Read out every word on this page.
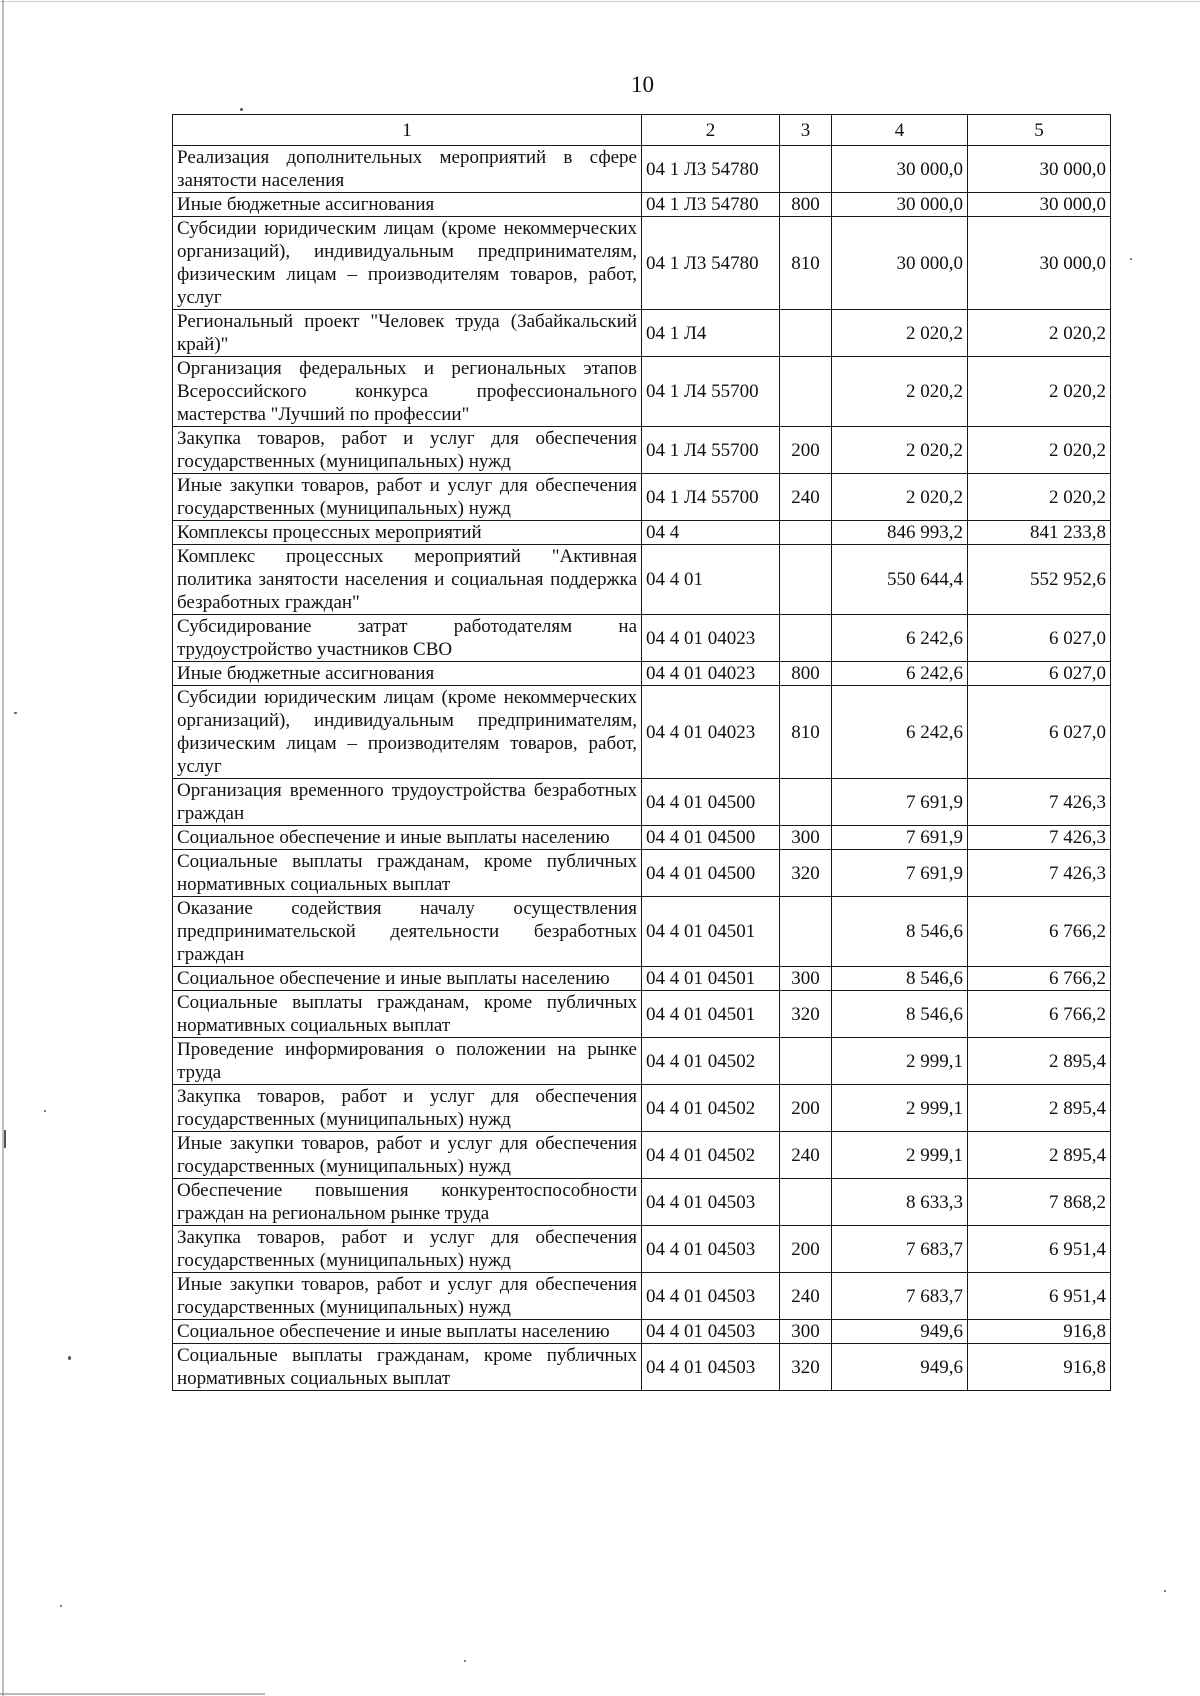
10
1	2	3	4	5
Реализация дополнительных мероприятий в сфере занятости населения	04 1 Л3 54780		30 000,0	30 000,0
Иные бюджетные ассигнования	04 1 Л3 54780	800	30 000,0	30 000,0
Субсидии юридическим лицам (кроме некоммерческих организаций), индивидуальным предпринимателям, физическим лицам – производителям товаров, работ, услуг	04 1 Л3 54780	810	30 000,0	30 000,0
Региональный проект "Человек труда (Забайкальский край)"	04 1 Л4		2 020,2	2 020,2
Организация федеральных и региональных этапов Всероссийского конкурса профессионального мастерства "Лучший по профессии"	04 1 Л4 55700		2 020,2	2 020,2
Закупка товаров, работ и услуг для обеспечения государственных (муниципальных) нужд	04 1 Л4 55700	200	2 020,2	2 020,2
Иные закупки товаров, работ и услуг для обеспечения государственных (муниципальных) нужд	04 1 Л4 55700	240	2 020,2	2 020,2
Комплексы процессных мероприятий	04 4		846 993,2	841 233,8
Комплекс процессных мероприятий "Активная политика занятости населения и социальная поддержка безработных граждан"	04 4 01		550 644,4	552 952,6
Субсидирование затрат работодателям на трудоустройство участников СВО	04 4 01 04023		6 242,6	6 027,0
Иные бюджетные ассигнования	04 4 01 04023	800	6 242,6	6 027,0
Субсидии юридическим лицам (кроме некоммерческих организаций), индивидуальным предпринимателям, физическим лицам – производителям товаров, работ, услуг	04 4 01 04023	810	6 242,6	6 027,0
Организация временного трудоустройства безработных граждан	04 4 01 04500		7 691,9	7 426,3
Социальное обеспечение и иные выплаты населению	04 4 01 04500	300	7 691,9	7 426,3
Социальные выплаты гражданам, кроме публичных нормативных социальных выплат	04 4 01 04500	320	7 691,9	7 426,3
Оказание содействия началу осуществления предпринимательской деятельности безработных граждан	04 4 01 04501		8 546,6	6 766,2
Социальное обеспечение и иные выплаты населению	04 4 01 04501	300	8 546,6	6 766,2
Социальные выплаты гражданам, кроме публичных нормативных социальных выплат	04 4 01 04501	320	8 546,6	6 766,2
Проведение информирования о положении на рынке труда	04 4 01 04502		2 999,1	2 895,4
Закупка товаров, работ и услуг для обеспечения государственных (муниципальных) нужд	04 4 01 04502	200	2 999,1	2 895,4
Иные закупки товаров, работ и услуг для обеспечения государственных (муниципальных) нужд	04 4 01 04502	240	2 999,1	2 895,4
Обеспечение повышения конкурентоспособности граждан на региональном рынке труда	04 4 01 04503		8 633,3	7 868,2
Закупка товаров, работ и услуг для обеспечения государственных (муниципальных) нужд	04 4 01 04503	200	7 683,7	6 951,4
Иные закупки товаров, работ и услуг для обеспечения государственных (муниципальных) нужд	04 4 01 04503	240	7 683,7	6 951,4
Социальное обеспечение и иные выплаты населению	04 4 01 04503	300	949,6	916,8
Социальные выплаты гражданам, кроме публичных нормативных социальных выплат	04 4 01 04503	320	949,6	916,8
